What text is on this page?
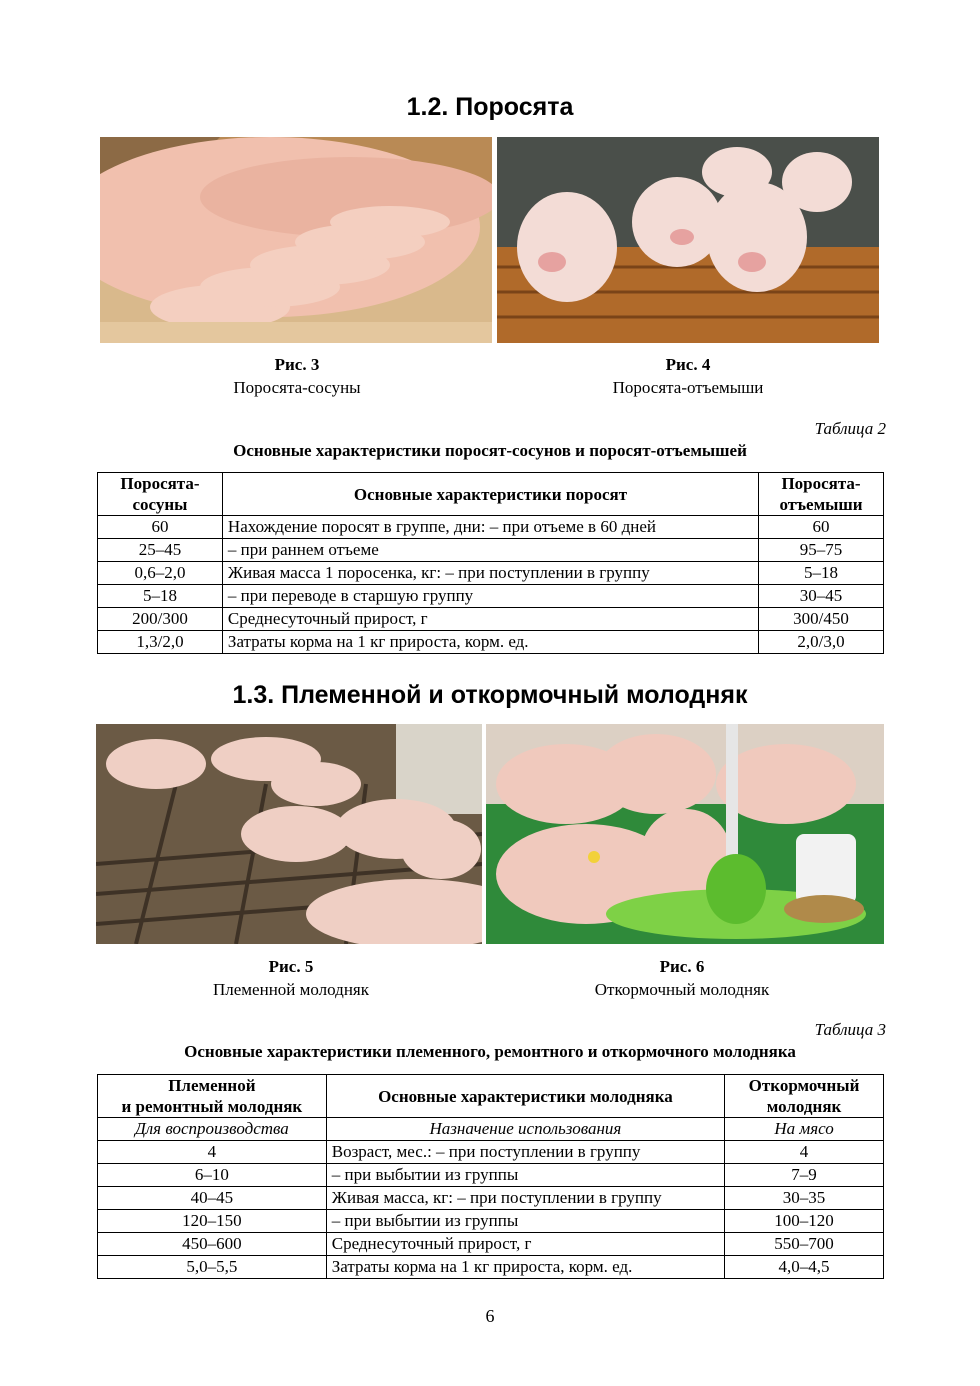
1.2. Поросята
Рис. 3
Поросята-сосуны
Рис. 4
Поросята-отъемыши
Таблица 2
Основные характеристики поросят-сосунов и поросят-отъемышей
Поросята-сосуны	Основные характеристики поросят	Поросята-отъемыши
60	Нахождение поросят в группе, дни: – при отъеме в 60 дней	60
25–45	– при раннем отъеме	95–75
0,6–2,0	Живая масса 1 поросенка, кг: – при поступлении в группу	5–18
5–18	– при переводе в старшую группу	30–45
200/300	Среднесуточный прирост, г	300/450
1,3/2,0	Затраты корма на 1 кг прироста, корм. ед.	2,0/3,0
1.3. Племенной и откормочный молодняк
Рис. 5
Племенной молодняк
Рис. 6
Откормочный молодняк
Таблица 3
Основные характеристики племенного, ремонтного и откормочного молодняка
Племенной
и ремонтный молодняк	Основные характеристики молодняка	Откормочный
молодняк
Для воспроизводства	Назначение использования	На мясо
4	Возраст, мес.: – при поступлении в группу	4
6–10	– при выбытии из группы	7–9
40–45	Живая масса, кг: – при поступлении в группу	30–35
120–150	– при выбытии из группы	100–120
450–600	Среднесуточный прирост, г	550–700
5,0–5,5	Затраты корма на 1 кг прироста, корм. ед.	4,0–4,5
6
